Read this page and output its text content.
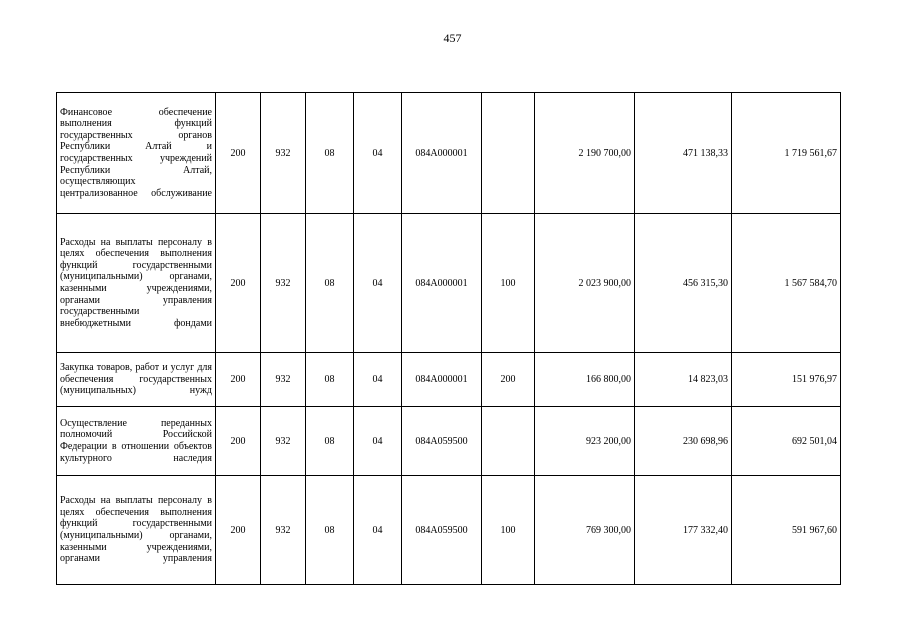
457
Финансовое обеспечение выполнения функций государственных органов Республики Алтай и государственных учреждений Республики Алтай, осуществляющих централизованное обслуживание	200	932	08	04	084А000001		2 190 700,00	471 138,33	1 719 561,67
Расходы на выплаты персоналу в целях обеспечения выполнения функций государственными (муниципальными) органами, казенными учреждениями, органами управления государственными внебюджетными фондами	200	932	08	04	084А000001	100	2 023 900,00	456 315,30	1 567 584,70
Закупка товаров, работ и услуг для обеспечения государственных (муниципальных) нужд	200	932	08	04	084А000001	200	166 800,00	14 823,03	151 976,97
Осуществление переданных полномочий Российской Федерации в отношении объектов культурного наследия	200	932	08	04	084А059500		923 200,00	230 698,96	692 501,04
Расходы на выплаты персоналу в целях обеспечения выполнения функций государственными (муниципальными) органами, казенными учреждениями, органами управления	200	932	08	04	084А059500	100	769 300,00	177 332,40	591 967,60
